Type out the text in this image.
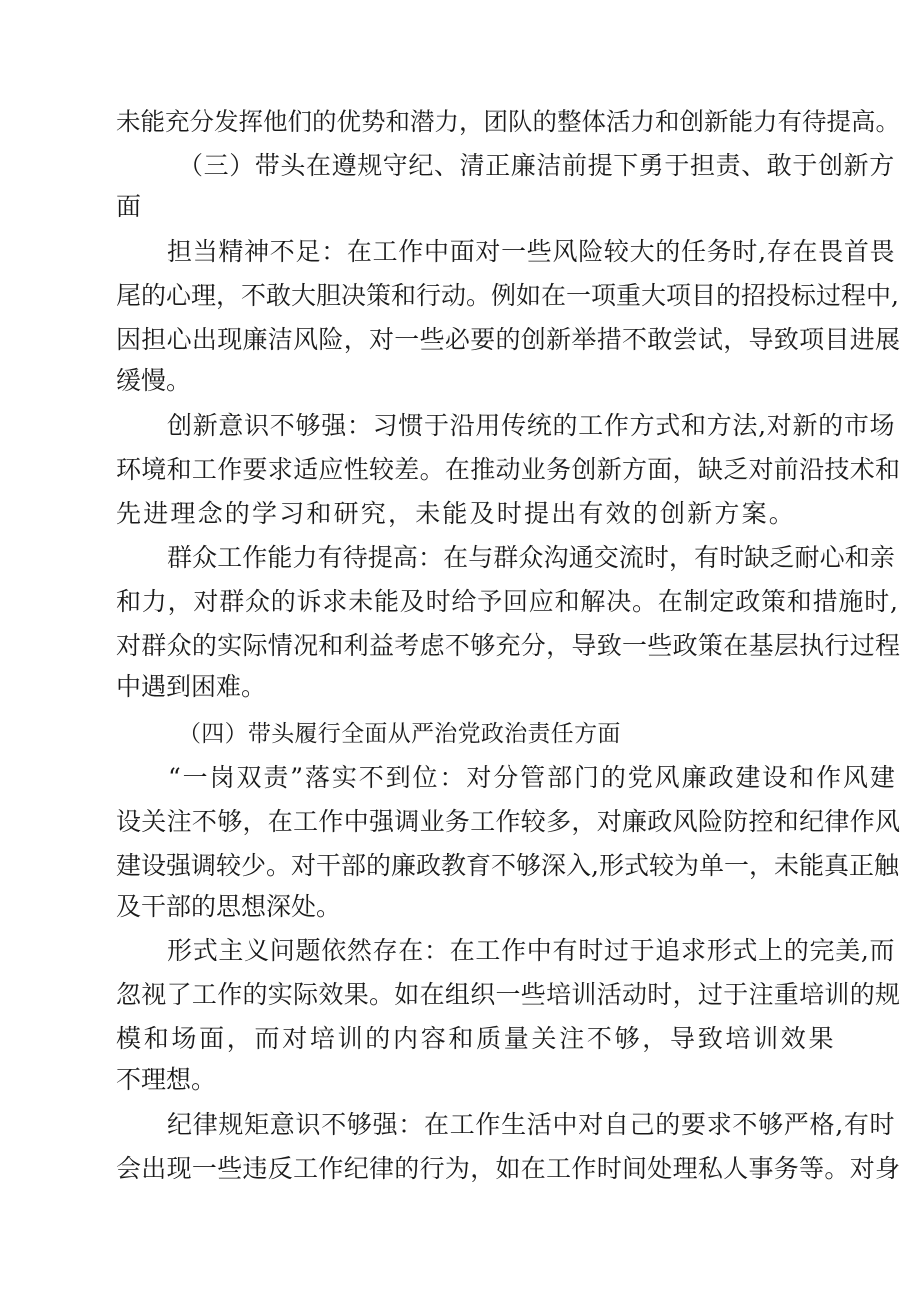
未能充分发挥他们的优势和潜力，团队的整体活力和创新能力有待提高。
（三）带头在遵规守纪、清正廉洁前提下勇于担责、敢于创新方
面
担当精神不足：在工作中面对一些风险较大的任务时,存在畏首畏
尾的心理，不敢大胆决策和行动。例如在一项重大项目的招投标过程中,
因担心出现廉洁风险，对一些必要的创新举措不敢尝试，导致项目进展
缓慢。
创新意识不够强：习惯于沿用传统的工作方式和方法,对新的市场
环境和工作要求适应性较差。在推动业务创新方面，缺乏对前沿技术和
先进理念的学习和研究，未能及时提出有效的创新方案。
群众工作能力有待提高：在与群众沟通交流时，有时缺乏耐心和亲
和力，对群众的诉求未能及时给予回应和解决。在制定政策和措施时,
对群众的实际情况和利益考虑不够充分，导致一些政策在基层执行过程
中遇到困难。
（四）带头履行全面从严治党政治责任方面
“一岗双责”落实不到位：对分管部门的党风廉政建设和作风建
设关注不够，在工作中强调业务工作较多，对廉政风险防控和纪律作风
建设强调较少。对干部的廉政教育不够深入,形式较为单一，未能真正触
及干部的思想深处。
形式主义问题依然存在：在工作中有时过于追求形式上的完美,而
忽视了工作的实际效果。如在组织一些培训活动时，过于注重培训的规
模和场面，而对培训的内容和质量关注不够，导致培训效果
不理想。
纪律规矩意识不够强：在工作生活中对自己的要求不够严格,有时
会出现一些违反工作纪律的行为，如在工作时间处理私人事务等。对身
